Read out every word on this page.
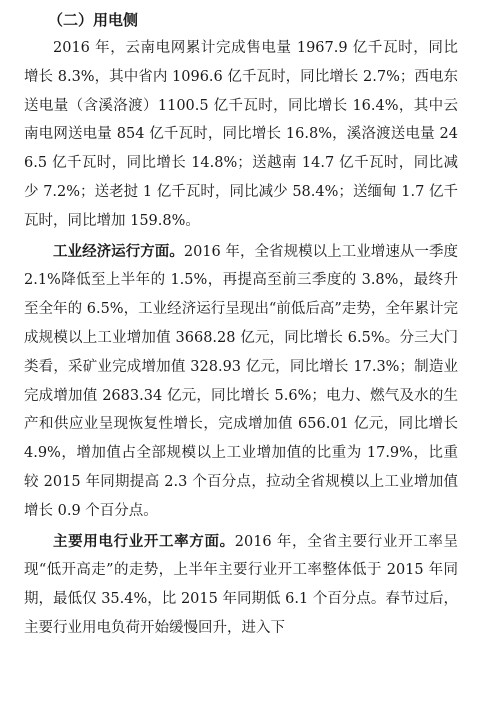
（二）用电侧

2016 年，云南电网累计完成售电量 1967.9 亿千瓦时，同比增长 8.3%，其中省内 1096.6 亿千瓦时，同比增长 2.7%；西电东送电量（含溪洛渡）1100.5 亿千瓦时，同比增长 16.4%，其中云南电网送电量 854 亿千瓦时，同比增长 16.8%，溪洛渡送电量 246.5 亿千瓦时，同比增长 14.8%；送越南 14.7 亿千瓦时，同比减少 7.2%；送老挝 1 亿千瓦时，同比减少 58.4%；送缅甸 1.7 亿千瓦时，同比增加 159.8%。

工业经济运行方面。2016 年，全省规模以上工业增速从一季度 2.1%降低至上半年的 1.5%，再提高至前三季度的 3.8%，最终升至全年的 6.5%，工业经济运行呈现出“前低后高”走势，全年累计完成规模以上工业增加值 3668.28 亿元，同比增长 6.5%。分三大门类看，采矿业完成增加值 328.93 亿元，同比增长 17.3%；制造业完成增加值 2683.34 亿元，同比增长 5.6%；电力、燃气及水的生产和供应业呈现恢复性增长，完成增加值 656.01 亿元，同比增长 4.9%，增加值占全部规模以上工业增加值的比重为 17.9%，比重较 2015 年同期提高 2.3 个百分点，拉动全省规模以上工业增加值增长 0.9 个百分点。

主要用电行业开工率方面。2016 年，全省主要行业开工率呈现“低开高走”的走势，上半年主要行业开工率整体低于 2015 年同期，最低仅 35.4%，比 2015 年同期低 6.1 个百分点。春节过后，主要行业用电负荷开始缓慢回升，进入下
